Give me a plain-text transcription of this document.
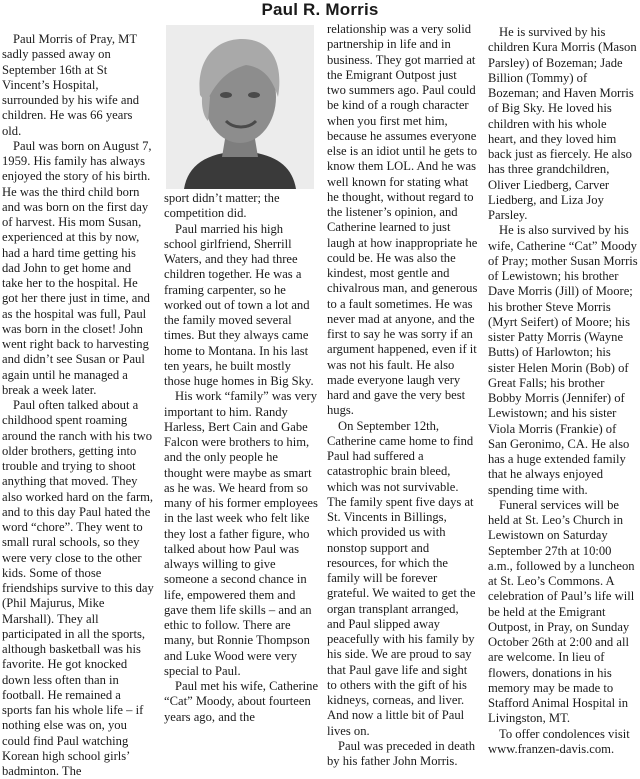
Paul R. Morris

Paul Morris of Pray, MT sadly passed away on September 16th at St Vincent’s Hospital, surrounded by his wife and children. He was 66 years old.

Paul was born on August 7, 1959. His family has always enjoyed the story of his birth. He was the third child born and was born on the first day of harvest. His mom Susan, experienced at this by now, had a hard time getting his dad John to get home and take her to the hospital. He got her there just in time, and as the hospital was full, Paul was born in the closet! John went right back to harvesting and didn’t see Susan or Paul again until he managed a break a week later.

Paul often talked about a childhood spent roaming around the ranch with his two older brothers, getting into trouble and trying to shoot anything that moved. They also worked hard on the farm, and to this day Paul hated the word “chore”. They went to small rural schools, so they were very close to the other kids. Some of those friendships survive to this day (Phil Majurus, Mike Marshall). They all participated in all the sports, although basketball was his favorite. He got knocked down less often than in football. He remained a sports fan his whole life – if nothing else was on, you could find Paul watching Korean high school girls’ badminton. The

sport didn’t matter; the competition did.

Paul married his high school girlfriend, Sherrill Waters, and they had three children together. He was a framing carpenter, so he worked out of town a lot and the family moved several times. But they always came home to Montana. In his last ten years, he built mostly those huge homes in Big Sky.

His work “family” was very important to him. Randy Harless, Bert Cain and Gabe Falcon were brothers to him, and the only people he thought were maybe as smart as he was. We heard from so many of his former employees in the last week who felt like they lost a father figure, who talked about how Paul was always willing to give someone a second chance in life, empowered them and gave them life skills – and an ethic to follow. There are many, but Ronnie Thompson and Luke Wood were very special to Paul.

Paul met his wife, Catherine “Cat” Moody, about fourteen years ago, and the

relationship was a very solid partnership in life and in business. They got married at the Emigrant Outpost just two summers ago. Paul could be kind of a rough character when you first met him, because he assumes everyone else is an idiot until he gets to know them LOL. And he was well known for stating what he thought, without regard to the listener’s opinion, and Catherine learned to just laugh at how inappropriate he could be. He was also the kindest, most gentle and chivalrous man, and generous to a fault sometimes. He was never mad at anyone, and the first to say he was sorry if an argument happened, even if it was not his fault. He also made everyone laugh very hard and gave the very best hugs.

On September 12th, Catherine came home to find Paul had suffered a catastrophic brain bleed, which was not survivable. The family spent five days at St. Vincents in Billings, which provided us with nonstop support and resources, for which the family will be forever grateful. We waited to get the organ transplant arranged, and Paul slipped away peacefully with his family by his side. We are proud to say that Paul gave life and sight to others with the gift of his kidneys, corneas, and liver. And now a little bit of Paul lives on.

Paul was preceded in death by his father John Morris.

He is survived by his children Kura Morris (Mason Parsley) of Bozeman; Jade Billion (Tommy) of Bozeman; and Haven Morris of Big Sky. He loved his children with his whole heart, and they loved him back just as fiercely. He also has three grandchildren, Oliver Liedberg, Carver Liedberg, and Liza Joy Parsley.

He is also survived by his wife, Catherine “Cat” Moody of Pray; mother Susan Morris of Lewistown; his brother Dave Morris (Jill) of Moore; his brother Steve Morris (Myrt Seifert) of Moore; his sister Patty Morris (Wayne Butts) of Harlowton; his sister Helen Morin (Bob) of Great Falls; his brother Bobby Morris (Jennifer) of Lewistown; and his sister Viola Morris (Frankie) of San Geronimo, CA. He also has a huge extended family that he always enjoyed spending time with.

Funeral services will be held at St. Leo’s Church in Lewistown on Saturday September 27th at 10:00 a.m., followed by a luncheon at St. Leo’s Commons. A celebration of Paul’s life will be held at the Emigrant Outpost, in Pray, on Sunday October 26th at 2:00 and all are welcome. In lieu of flowers, donations in his memory may be made to Stafford Animal Hospital in Livingston, MT.

To offer condolences visit www.franzen-davis.com.
